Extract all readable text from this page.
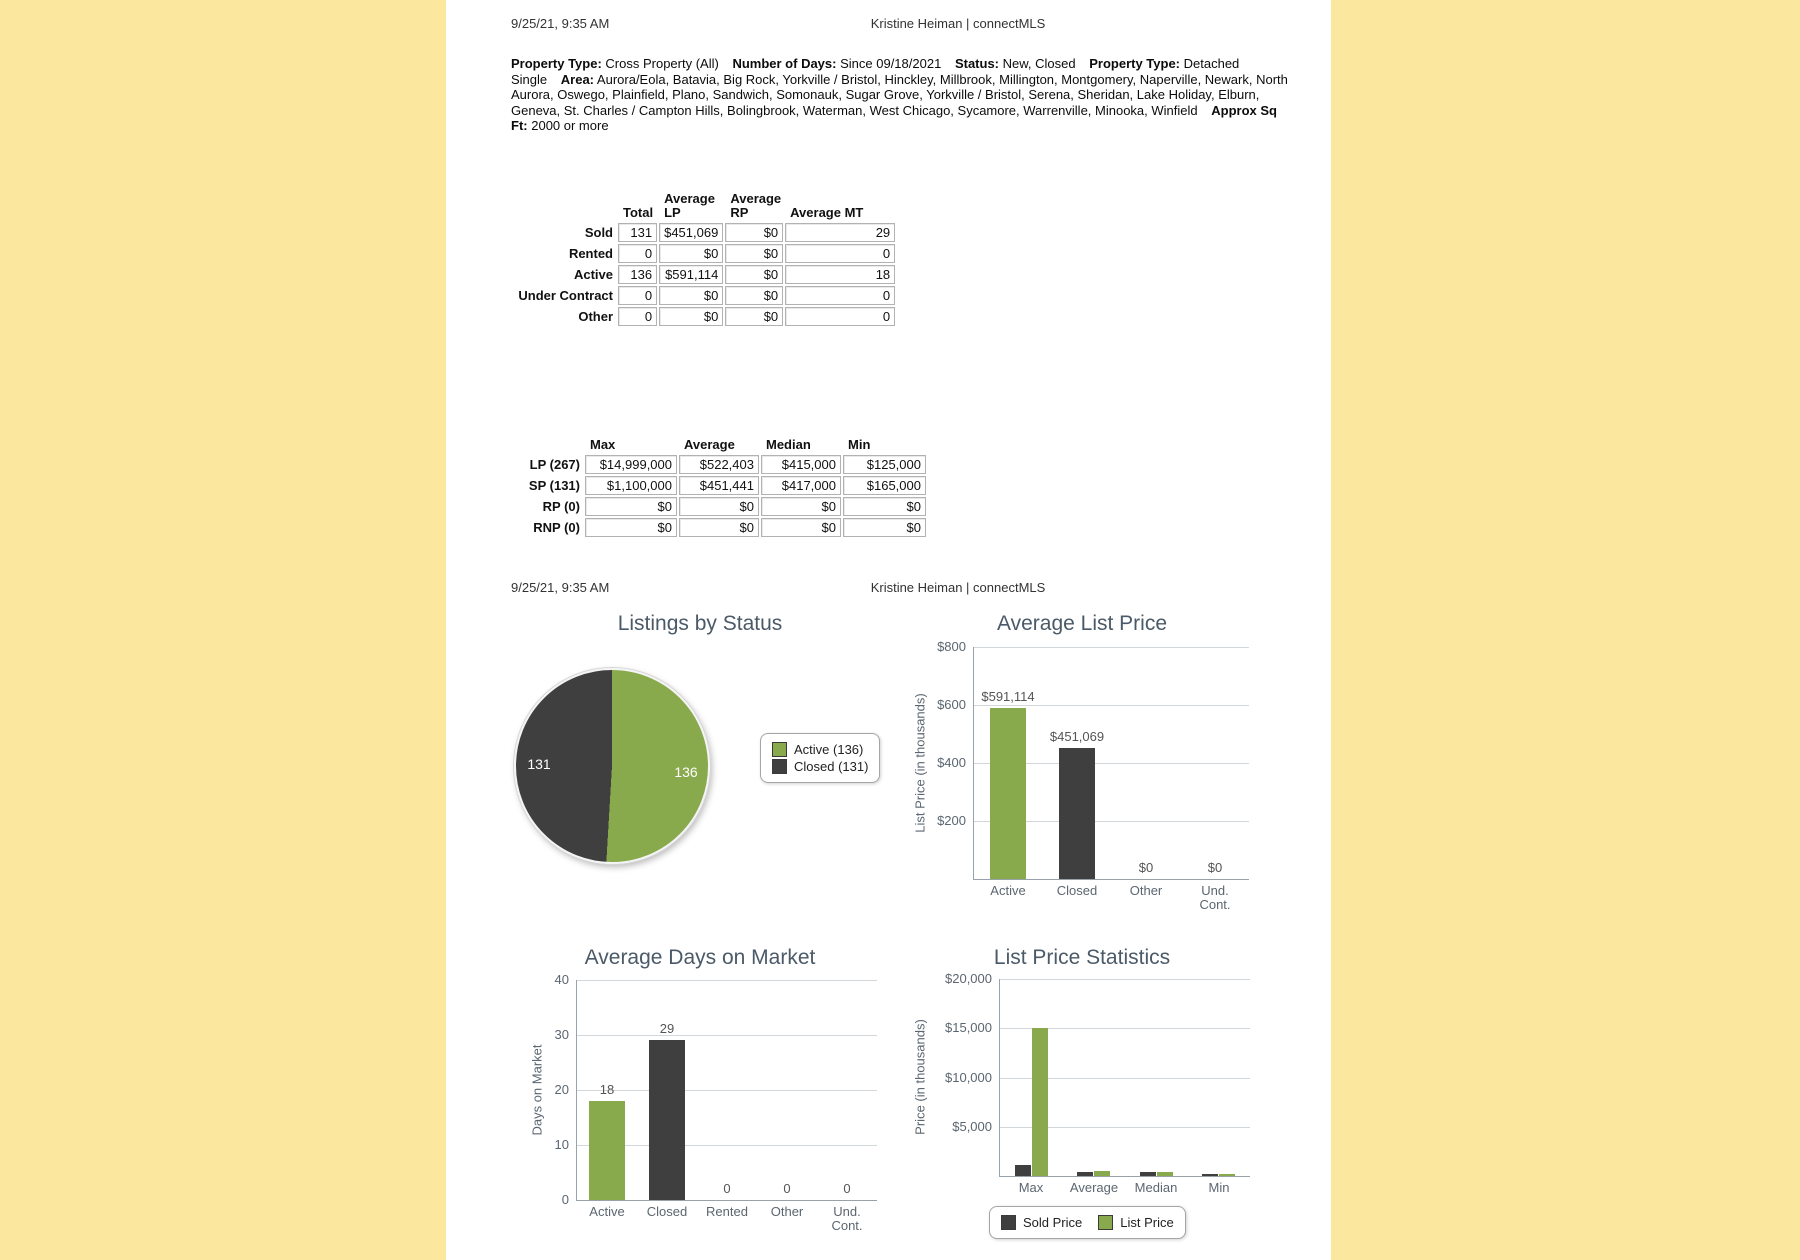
9/25/21, 9:35 AM	Kristine Heiman | connectMLS
Property Type: Cross Property (All) Number of Days: Since 09/18/2021 Status: New, Closed Property Type: Detached Single Area: Aurora/Eola, Batavia, Big Rock, Yorkville / Bristol, Hinckley, Millbrook, Millington, Montgomery, Naperville, Newark, North Aurora, Oswego, Plainfield, Plano, Sandwich, Somonauk, Sugar Grove, Yorkville / Bristol, Serena, Sheridan, Lake Holiday, Elburn, Geneva, St. Charles / Campton Hills, Bolingbrook, Waterman, West Chicago, Sycamore, Warrenville, Minooka, Winfield Approx Sq Ft: 2000 or more
	Total	Average LP	Average RP	Average MT
Sold	131	$451,069	$0	29
Rented	0	$0	$0	0
Active	136	$591,114	$0	18
Under Contract	0	$0	$0	0
Other	0	$0	$0	0
	Max	Average	Median	Min
LP (267)	$14,999,000	$522,403	$415,000	$125,000
SP (131)	$1,100,000	$451,441	$417,000	$165,000
RP (0)	$0	$0	$0	$0
RNP (0)	$0	$0	$0	$0
9/25/21, 9:35 AM	Kristine Heiman | connectMLS
Listings by Status	Average List Price
Average Days on Market	List Price Statistics
131	136
Active (136)
Closed (131)	List Price (in thousands)
$800
$600
$400
$200
Active
$591,114
Closed
$451,069
Other
$0
Und. Cont.
$0
Days on Market
40
30
20
10
0
Active
18
Closed
29
Rented
0
Other
0
Und. Cont.
0
Price (in thousands)
$20,000
$15,000
$10,000
$5,000
Max	Average	Median	Min
Sold Price	List Price
